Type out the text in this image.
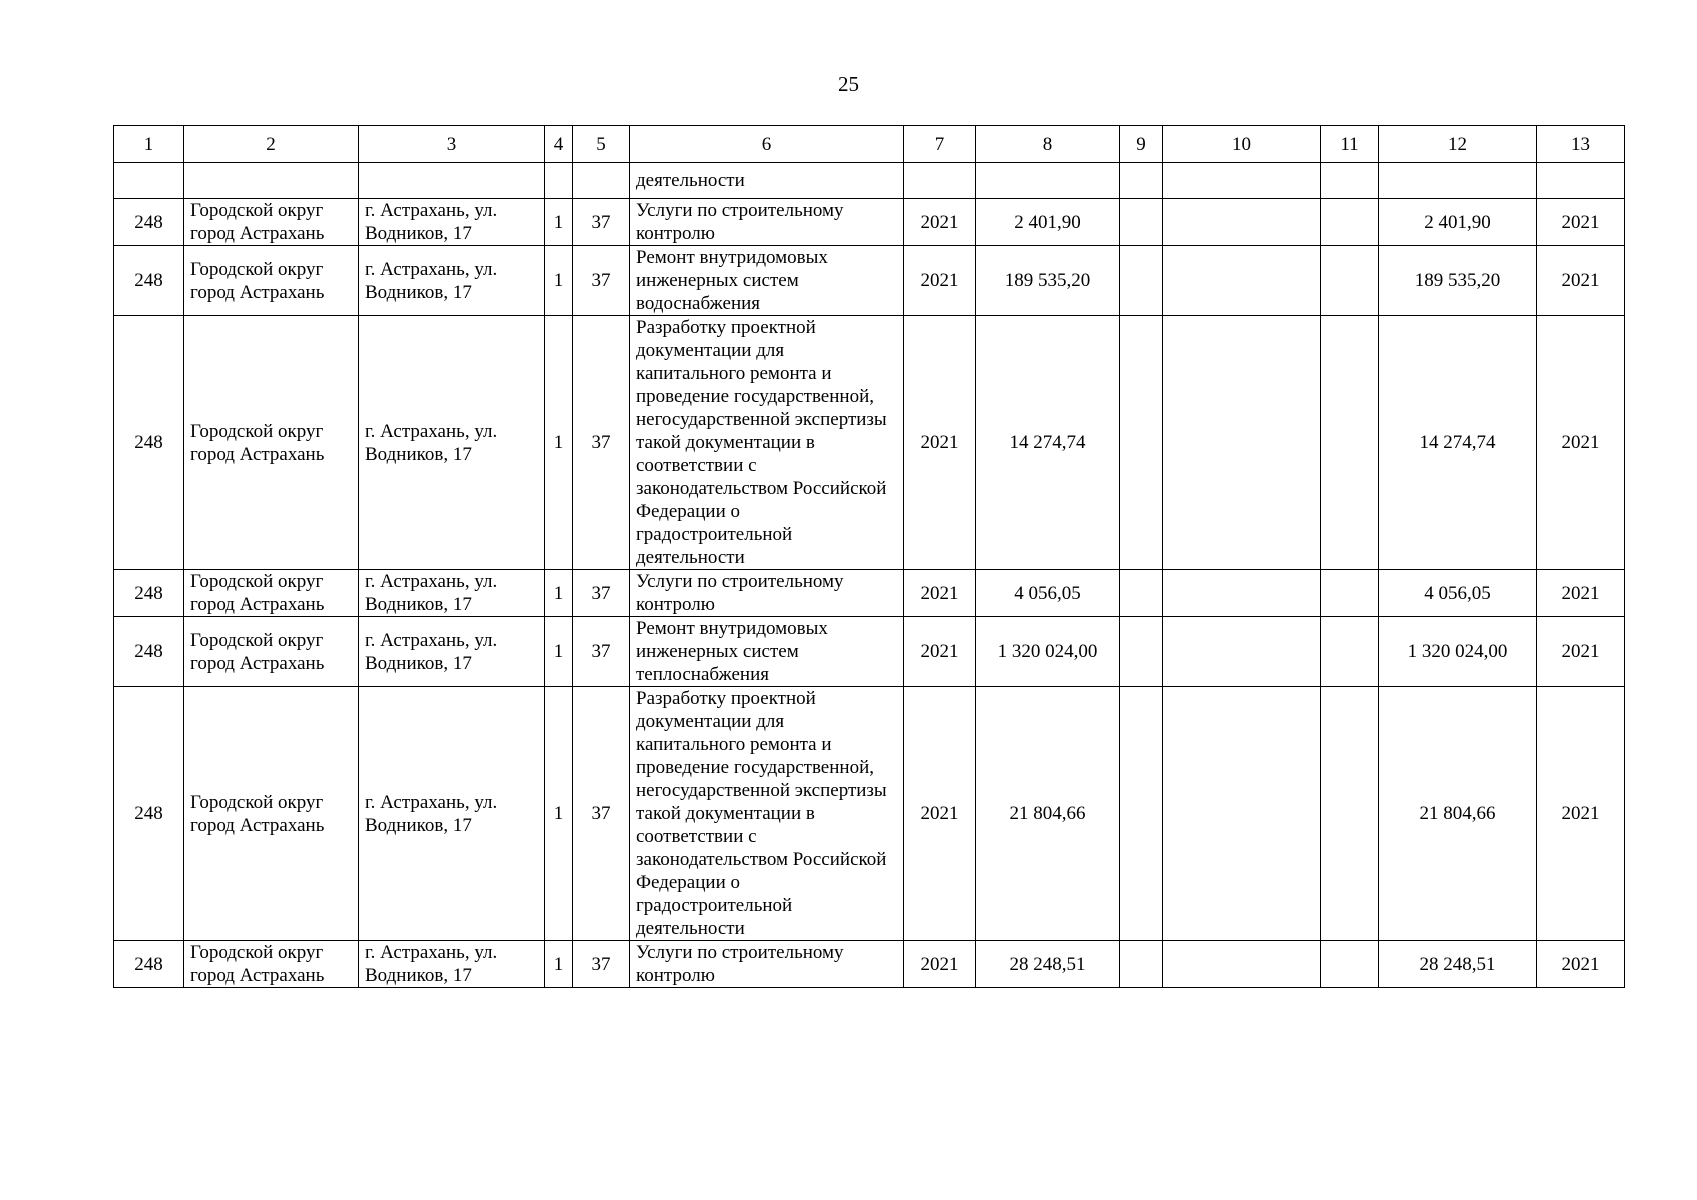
25
1	2	3	4	5	6	7	8	9	10	11	12	13
					деятельности							
248	Городской округ город Астрахань	г. Астрахань, ул. Водников, 17	1	37	Услуги по строительному контролю	2021	2 401,90				2 401,90	2021
248	Городской округ город Астрахань	г. Астрахань, ул. Водников, 17	1	37	Ремонт внутридомовых инженерных систем водоснабжения	2021	189 535,20				189 535,20	2021
248	Городской округ город Астрахань	г. Астрахань, ул. Водников, 17	1	37	Разработку проектной документации для капитального ремонта и проведение государственной, негосударственной экспертизы такой документации в соответствии с законодательством Российской Федерации о градостроительной деятельности	2021	14 274,74				14 274,74	2021
248	Городской округ город Астрахань	г. Астрахань, ул. Водников, 17	1	37	Услуги по строительному контролю	2021	4 056,05				4 056,05	2021
248	Городской округ город Астрахань	г. Астрахань, ул. Водников, 17	1	37	Ремонт внутридомовых инженерных систем теплоснабжения	2021	1 320 024,00				1 320 024,00	2021
248	Городской округ город Астрахань	г. Астрахань, ул. Водников, 17	1	37	Разработку проектной документации для капитального ремонта и проведение государственной, негосударственной экспертизы такой документации в соответствии с законодательством Российской Федерации о градостроительной деятельности	2021	21 804,66				21 804,66	2021
248	Городской округ город Астрахань	г. Астрахань, ул. Водников, 17	1	37	Услуги по строительному контролю	2021	28 248,51				28 248,51	2021
